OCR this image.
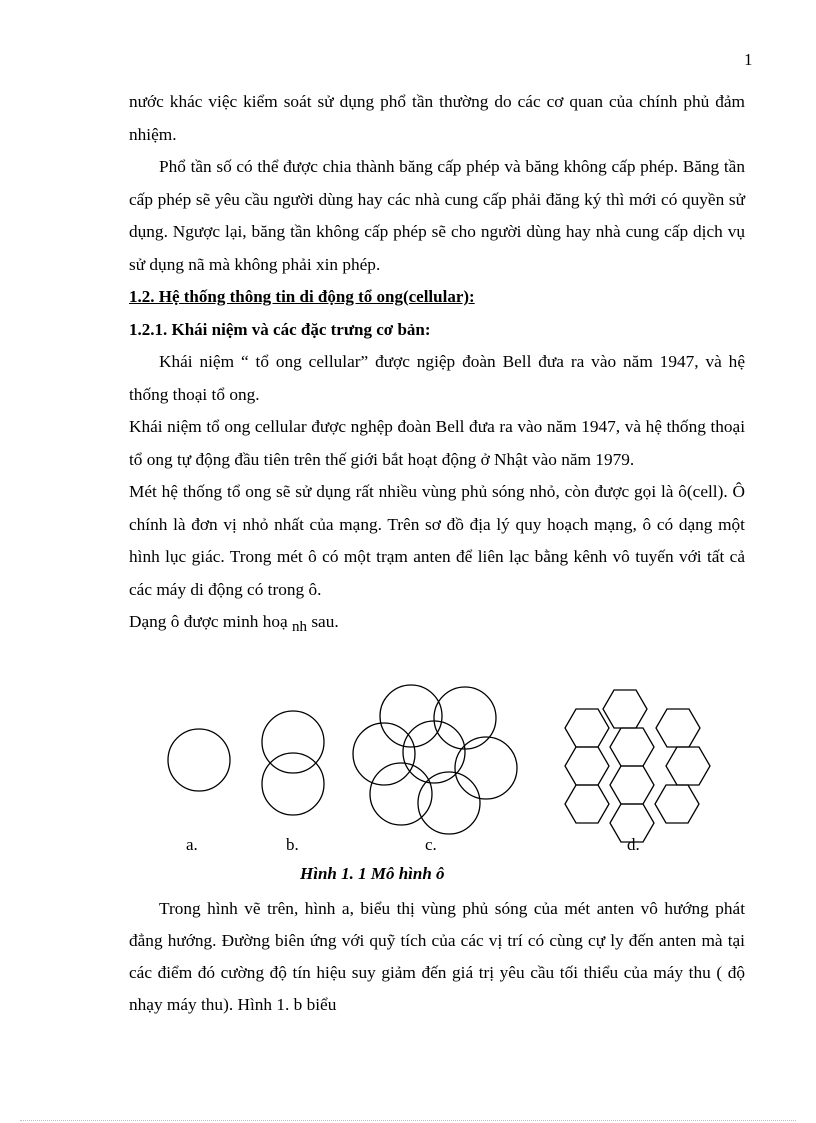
1

nước khác việc kiểm soát sử dụng phổ tần thường do các cơ quan của chính phủ đảm nhiệm.

Phổ tần số có thể được chia thành băng cấp phép và băng không cấp phép. Băng tần cấp phép sẽ yêu cầu người dùng hay các nhà cung cấp phải đăng ký thì mới có quyền sử dụng. Ngược lại, băng tần không cấp phép sẽ cho người dùng hay nhà cung cấp dịch vụ sử dụng nã mà không phải xin phép.

1.2. Hệ thống thông tin di động tổ ong(cellular):

1.2.1. Khái niệm và các đặc trưng cơ bản:

Khái niệm “ tổ ong cellular” được ngiệp đoàn Bell đưa ra vào năm 1947, và hệ thống thoại tổ ong.

Khái niệm tổ ong cellular được nghệp đoàn Bell đưa ra vào năm 1947, và hệ thống thoại tổ ong tự động đầu tiên trên thế giới bắt hoạt động ở Nhật vào năm 1979.

Mét hệ thống tổ ong sẽ sử dụng rất nhiều vùng phủ sóng nhỏ, còn được gọi là ô(cell). Ô chính là đơn vị nhỏ nhất của mạng. Trên sơ đồ địa lý quy hoạch mạng, ô có dạng một hình lục giác. Trong mét ô có một trạm anten để liên lạc bằng kênh vô tuyến với tất cả các máy di động có trong ô.

Dạng ô được minh hoạ nh sau.

a.	b.	c.	d.
Hình 1. 1 Mô hình ô

Trong hình vẽ trên, hình a, biểu thị vùng phủ sóng của mét anten vô hướng phát đẳng hướng. Đường biên ứng với quỹ tích của các vị trí có cùng cự ly đến anten mà tại các điểm đó cường độ tín hiệu suy giảm đến giá trị yêu cầu tối thiểu của máy thu ( độ nhạy máy thu). Hình 1. b biểu
